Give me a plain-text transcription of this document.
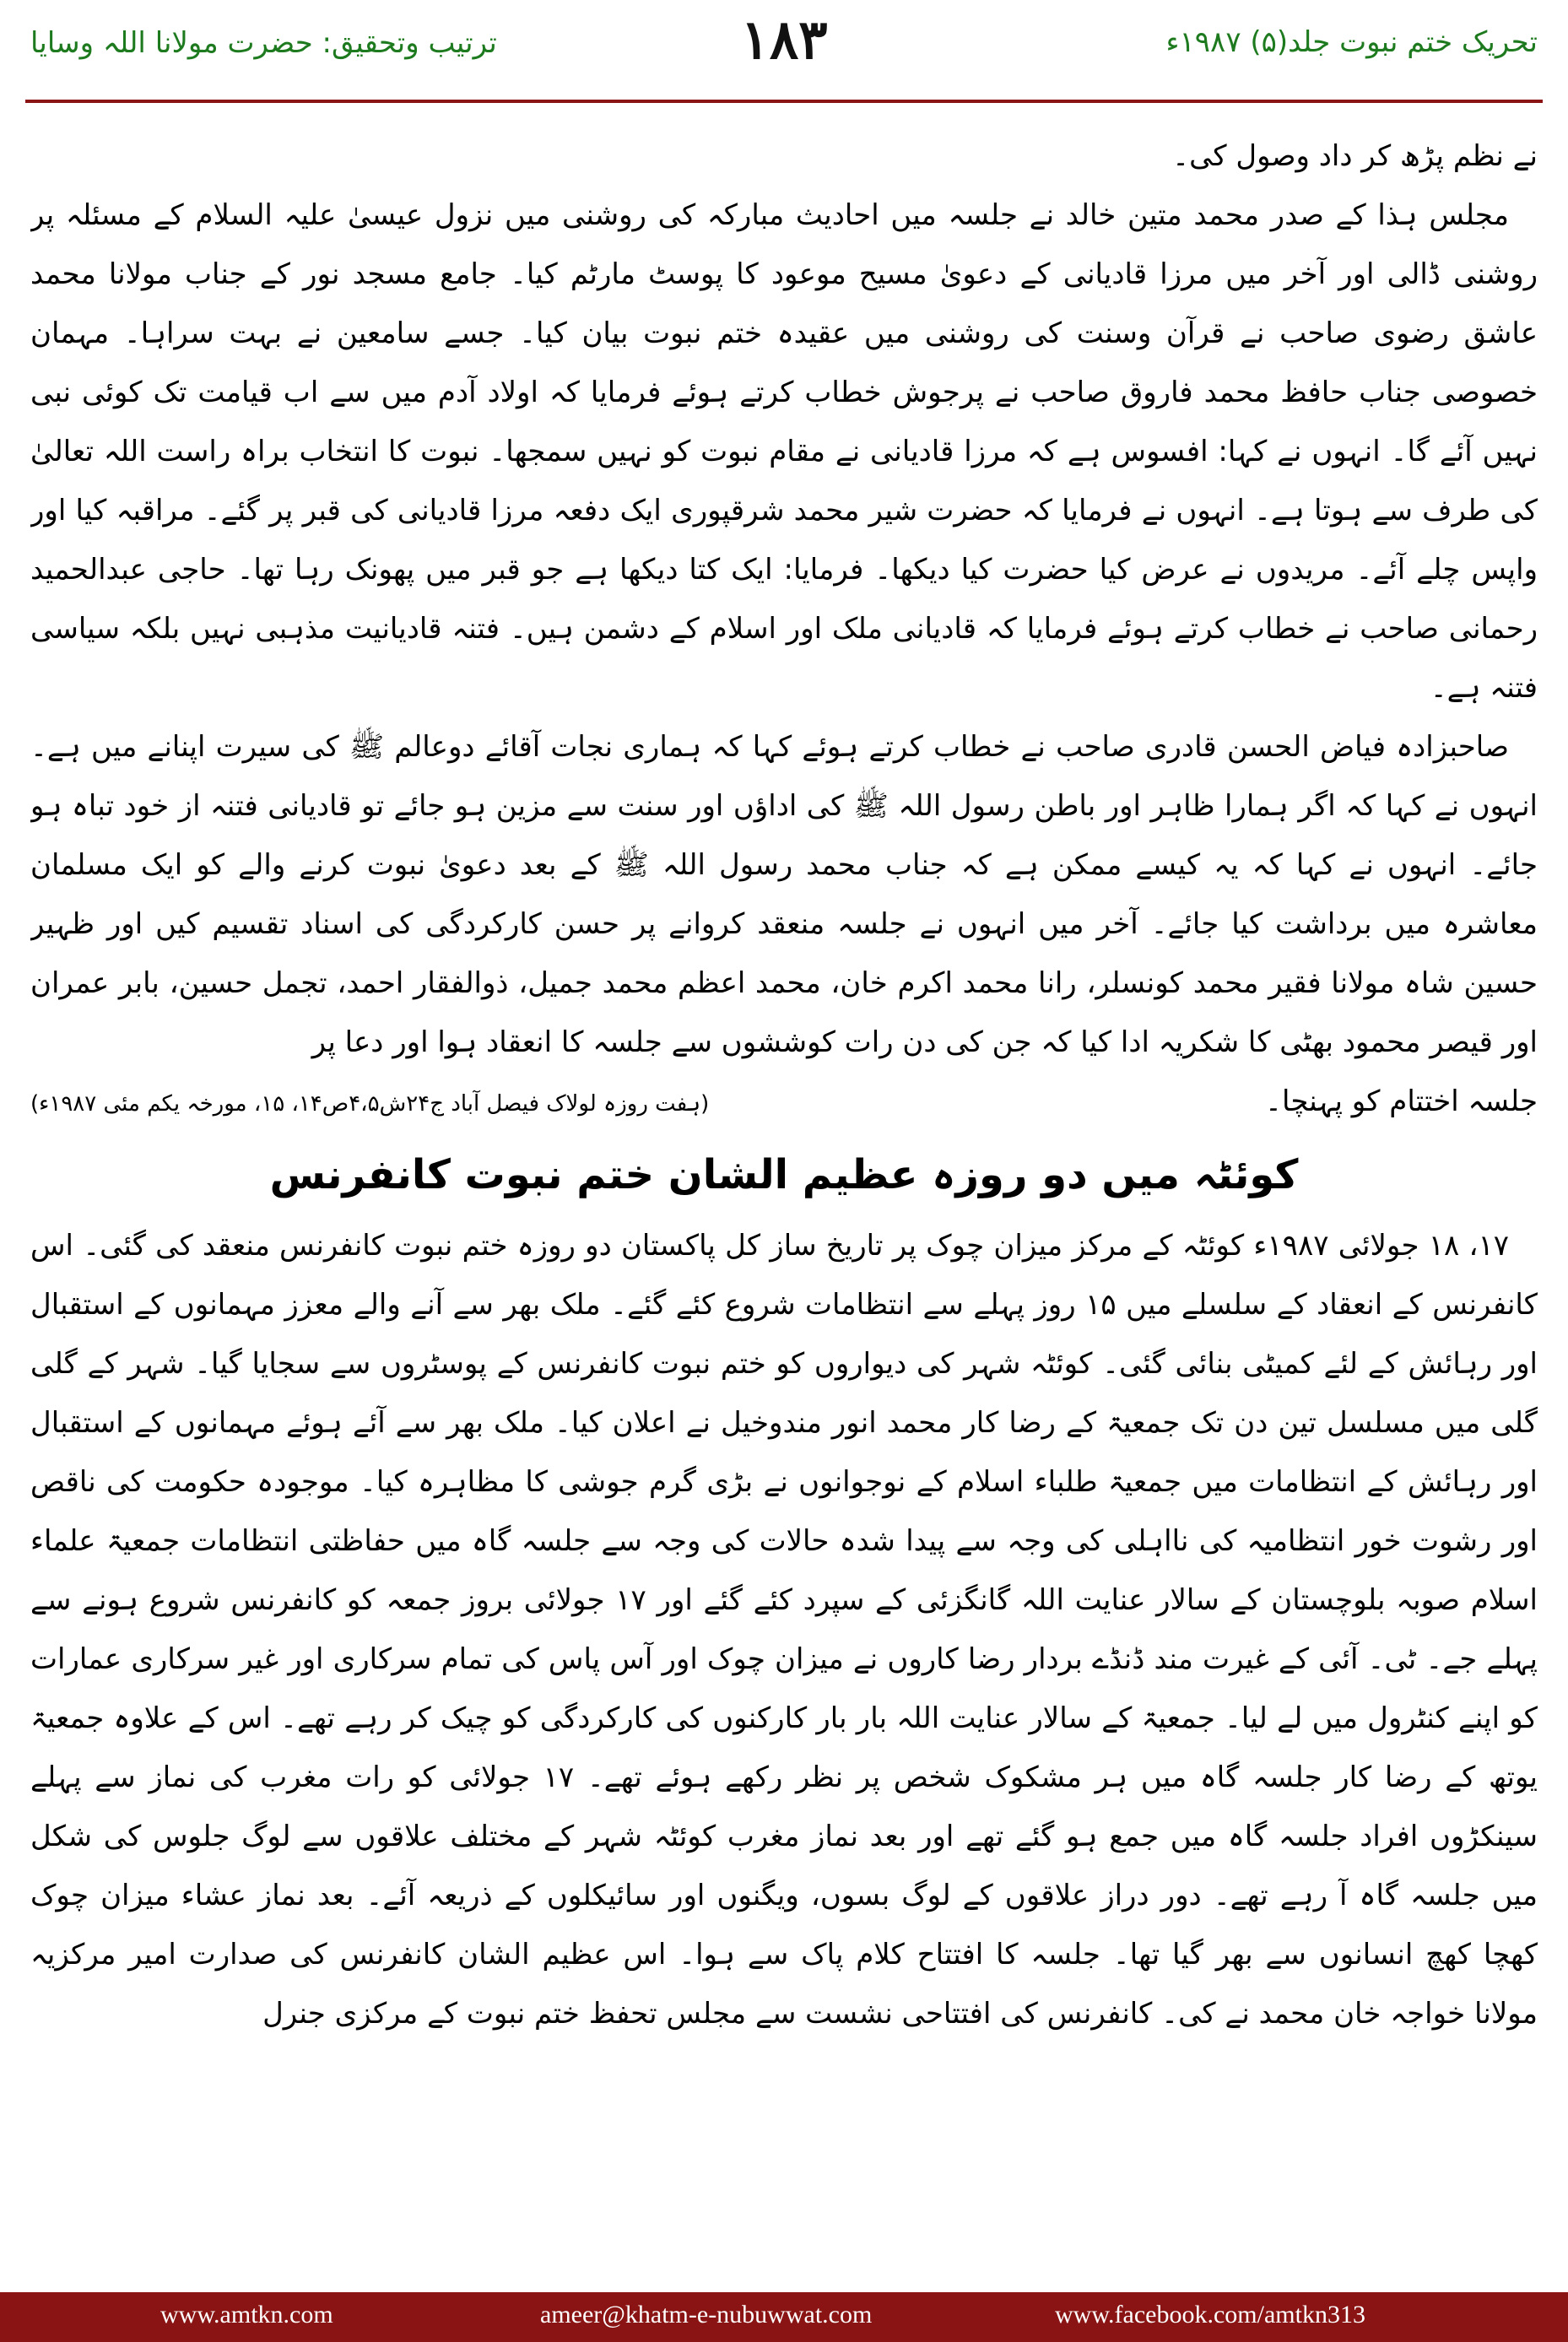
ترتیب وتحقیق: حضرت مولانا اللہ وسایا	۱۸۳	تحریک ختم نبوت جلد(۵) ۱۹۸۷ء

نے نظم پڑھ کر داد وصول کی۔

مجلس ہذا کے صدر محمد متین خالد نے جلسہ میں احادیث مبارکہ کی روشنی میں نزول عیسیٰ علیہ السلام کے مسئلہ پر روشنی ڈالی اور آخر میں مرزا قادیانی کے دعویٰ مسیح موعود کا پوسٹ مارٹم کیا۔ جامع مسجد نور کے جناب مولانا محمد عاشق رضوی صاحب نے قرآن وسنت کی روشنی میں عقیدہ ختم نبوت بیان کیا۔ جسے سامعین نے بہت سراہا۔ مہمان خصوصی جناب حافظ محمد فاروق صاحب نے پرجوش خطاب کرتے ہوئے فرمایا کہ اولاد آدم میں سے اب قیامت تک کوئی نبی نہیں آئے گا۔ انہوں نے کہا: افسوس ہے کہ مرزا قادیانی نے مقام نبوت کو نہیں سمجھا۔ نبوت کا انتخاب براہ راست اللہ تعالیٰ کی طرف سے ہوتا ہے۔ انہوں نے فرمایا کہ حضرت شیر محمد شرقپوری ایک دفعہ مرزا قادیانی کی قبر پر گئے۔ مراقبہ کیا اور واپس چلے آئے۔ مریدوں نے عرض کیا حضرت کیا دیکھا۔ فرمایا: ایک کتا دیکھا ہے جو قبر میں پھونک رہا تھا۔ حاجی عبدالحمید رحمانی صاحب نے خطاب کرتے ہوئے فرمایا کہ قادیانی ملک اور اسلام کے دشمن ہیں۔ فتنہ قادیانیت مذہبی نہیں بلکہ سیاسی فتنہ ہے۔

صاحبزادہ فیاض الحسن قادری صاحب نے خطاب کرتے ہوئے کہا کہ ہماری نجات آقائے دوعالم ﷺ کی سیرت اپنانے میں ہے۔ انہوں نے کہا کہ اگر ہمارا ظاہر اور باطن رسول اللہ ﷺ کی اداؤں اور سنت سے مزین ہو جائے تو قادیانی فتنہ از خود تباہ ہو جائے۔ انہوں نے کہا کہ یہ کیسے ممکن ہے کہ جناب محمد رسول اللہ ﷺ کے بعد دعویٰ نبوت کرنے والے کو ایک مسلمان معاشرہ میں برداشت کیا جائے۔ آخر میں انہوں نے جلسہ منعقد کروانے پر حسن کارکردگی کی اسناد تقسیم کیں اور ظہیر حسین شاہ مولانا فقیر محمد کونسلر، رانا محمد اکرم خان، محمد اعظم محمد جمیل، ذوالفقار احمد، تجمل حسین، بابر عمران اور قیصر محمود بھٹی کا شکریہ ادا کیا کہ جن کی دن رات کوششوں سے جلسہ کا انعقاد ہوا اور دعا پر

جلسہ اختتام کو پہنچا۔
(ہفت روزہ لولاک فیصل آباد ج۲۴ش۴،۵ص۱۴، ۱۵، مورخہ یکم مئی ۱۹۸۷ء)
کوئٹہ میں دو روزہ عظیم الشان ختم نبوت کانفرنس

۱۷، ۱۸ جولائی ۱۹۸۷ء کوئٹہ کے مرکز میزان چوک پر تاریخ ساز کل پاکستان دو روزہ ختم نبوت کانفرنس منعقد کی گئی۔ اس کانفرنس کے انعقاد کے سلسلے میں ۱۵ روز پہلے سے انتظامات شروع کئے گئے۔ ملک بھر سے آنے والے معزز مہمانوں کے استقبال اور رہائش کے لئے کمیٹی بنائی گئی۔ کوئٹہ شہر کی دیواروں کو ختم نبوت کانفرنس کے پوسٹروں سے سجایا گیا۔ شہر کے گلی گلی میں مسلسل تین دن تک جمعیۃ کے رضا کار محمد انور مندوخیل نے اعلان کیا۔ ملک بھر سے آئے ہوئے مہمانوں کے استقبال اور رہائش کے انتظامات میں جمعیۃ طلباء اسلام کے نوجوانوں نے بڑی گرم جوشی کا مظاہرہ کیا۔ موجودہ حکومت کی ناقص اور رشوت خور انتظامیہ کی نااہلی کی وجہ سے پیدا شدہ حالات کی وجہ سے جلسہ گاہ میں حفاظتی انتظامات جمعیۃ علماء اسلام صوبہ بلوچستان کے سالار عنایت اللہ گانگزئی کے سپرد کئے گئے اور ۱۷ جولائی بروز جمعہ کو کانفرنس شروع ہونے سے پہلے جے۔ ٹی۔ آئی کے غیرت مند ڈنڈے بردار رضا کاروں نے میزان چوک اور آس پاس کی تمام سرکاری اور غیر سرکاری عمارات کو اپنے کنٹرول میں لے لیا۔ جمعیۃ کے سالار عنایت اللہ بار بار کارکنوں کی کارکردگی کو چیک کر رہے تھے۔ اس کے علاوہ جمعیۃ یوتھ کے رضا کار جلسہ گاہ میں ہر مشکوک شخص پر نظر رکھے ہوئے تھے۔ ۱۷ جولائی کو رات مغرب کی نماز سے پہلے سینکڑوں افراد جلسہ گاہ میں جمع ہو گئے تھے اور بعد نماز مغرب کوئٹہ شہر کے مختلف علاقوں سے لوگ جلوس کی شکل میں جلسہ گاہ آ رہے تھے۔ دور دراز علاقوں کے لوگ بسوں، ویگنوں اور سائیکلوں کے ذریعہ آئے۔ بعد نماز عشاء میزان چوک کھچا کھچ انسانوں سے بھر گیا تھا۔ جلسہ کا افتتاح کلام پاک سے ہوا۔ اس عظیم الشان کانفرنس کی صدارت امیر مرکزیہ مولانا خواجہ خان محمد نے کی۔ کانفرنس کی افتتاحی نشست سے مجلس تحفظ ختم نبوت کے مرکزی جنرل

www.amtkn.com	ameer@khatm-e-nubuwwat.com	www.facebook.com/amtkn313
